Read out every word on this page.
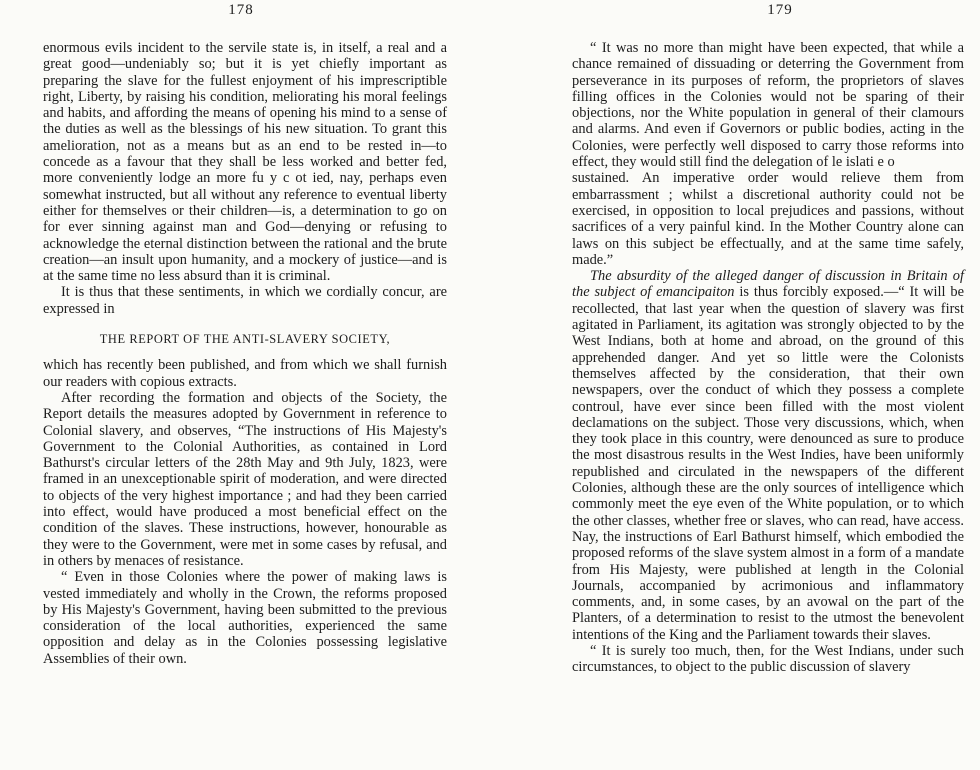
178

enormous evils incident to the servile state is, in itself, a real and a great good—undeniably so; but it is yet chiefly important as preparing the slave for the fullest enjoyment of his imprescriptible right, Liberty, by raising his condition, meliorating his moral feelings and habits, and affording the means of opening his mind to a sense of the duties as well as the blessings of his new situation. To grant this amelioration, not as a means but as an end to be rested in—to concede as a favour that they shall be less worked and better fed, more conveniently lodge an more fu y c ot ied, nay, perhaps even somewhat instructed, but all without any reference to eventual liberty either for themselves or their children—is, a determination to go on for ever sinning against man and God—denying or refusing to acknowledge the eternal distinction between the rational and the brute creation—an insult upon humanity, and a mockery of justice—and is at the same time no less absurd than it is criminal.

It is thus that these sentiments, in which we cordially concur, are expressed in

THE REPORT OF THE ANTI-SLAVERY SOCIETY,

which has recently been published, and from which we shall furnish our readers with copious extracts.

After recording the formation and objects of the Society, the Report details the measures adopted by Government in reference to Colonial slavery, and observes, “The instructions of His Majesty's Government to the Colonial Authorities, as contained in Lord Bathurst's circular letters of the 28th May and 9th July, 1823, were framed in an unexceptionable spirit of moderation, and were directed to objects of the very highest importance ; and had they been carried into effect, would have produced a most beneficial effect on the condition of the slaves. These instructions, however, honourable as they were to the Government, were met in some cases by refusal, and in others by menaces of resistance.

“ Even in those Colonies where the power of making laws is vested immediately and wholly in the Crown, the reforms proposed by His Majesty's Government, having been submitted to the previous consideration of the local authorities, experienced the same opposition and delay as in the Colonies possessing legislative Assemblies of their own.

179

“ It was no more than might have been expected, that while a chance remained of dissuading or deterring the Government from perseverance in its purposes of reform, the proprietors of slaves filling offices in the Colonies would not be sparing of their objections, nor the White population in general of their clamours and alarms. And even if Governors or public bodies, acting in the Colonies, were perfectly well disposed to carry those reforms into effect, they would still find the delegation of le islati e o

sustained. An imperative order would relieve them from embarrassment ; whilst a discretional authority could not be exercised, in opposition to local prejudices and passions, without sacrifices of a very painful kind. In the Mother Country alone can laws on this subject be effectually, and at the same time safely, made.”

The absurdity of the alleged danger of discussion in Britain of the subject of emancipaiton is thus forcibly exposed.—“ It will be recollected, that last year when the question of slavery was first agitated in Parliament, its agitation was strongly objected to by the West Indians, both at home and abroad, on the ground of this apprehended danger. And yet so little were the Colonists themselves affected by the consideration, that their own newspapers, over the conduct of which they possess a complete controul, have ever since been filled with the most violent declamations on the subject. Those very discussions, which, when they took place in this country, were denounced as sure to produce the most disastrous results in the West Indies, have been uniformly republished and circulated in the newspapers of the different Colonies, although these are the only sources of intelligence which commonly meet the eye even of the White population, or to which the other classes, whether free or slaves, who can read, have access. Nay, the instructions of Earl Bathurst himself, which embodied the proposed reforms of the slave system almost in a form of a mandate from His Majesty, were published at length in the Colonial Journals, accompanied by acrimonious and inflammatory comments, and, in some cases, by an avowal on the part of the Planters, of a determination to resist to the utmost the benevolent intentions of the King and the Parliament towards their slaves.

“ It is surely too much, then, for the West Indians, under such circumstances, to object to the public discussion of slavery
